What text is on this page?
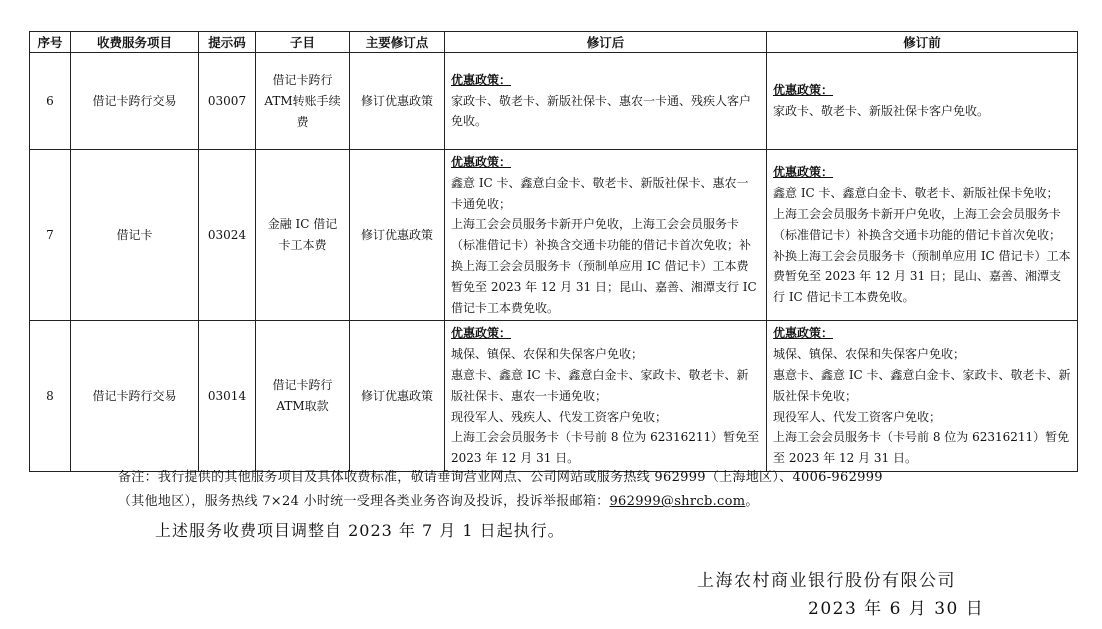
序号	收费服务项目	提示码	子目	主要修订点	修订后	修订前
6	借记卡跨行交易	03007	借记卡跨行ATM转账手续费	修订优惠政策	优惠政策：
家政卡、敬老卡、新版社保卡、惠农一卡通、残疾人客户免收。	优惠政策：
家政卡、敬老卡、新版社保卡客户免收。

7	借记卡	03024	金融 IC 借记卡工本费	修订优惠政策	优惠政策：
鑫意 IC 卡、鑫意白金卡、敬老卡、新版社保卡、惠农一卡通免收；
上海工会会员服务卡新开户免收，上海工会会员服务卡（标准借记卡）补换含交通卡功能的借记卡首次免收；补换上海工会会员服务卡（预制单应用 IC 借记卡）工本费暂免至 2023 年 12 月 31 日；昆山、嘉善、湘潭支行 IC 借记卡工本费免收。	优惠政策：
鑫意 IC 卡、鑫意白金卡、敬老卡、新版社保卡免收；
上海工会会员服务卡新开户免收，上海工会会员服务卡（标准借记卡）补换含交通卡功能的借记卡首次免收；
补换上海工会会员服务卡（预制单应用 IC 借记卡）工本费暂免至 2023 年 12 月 31 日；昆山、嘉善、湘潭支行 IC 借记卡工本费免收。

8	借记卡跨行交易	03014	借记卡跨行ATM取款	修订优惠政策	优惠政策：
城保、镇保、农保和失保客户免收；
惠意卡、鑫意 IC 卡、鑫意白金卡、家政卡、敬老卡、新版社保卡、惠农一卡通免收；
现役军人、残疾人、代发工资客户免收；
上海工会会员服务卡（卡号前 8 位为 62316211）暂免至 2023 年 12 月 31 日。	优惠政策：
城保、镇保、农保和失保客户免收；
惠意卡、鑫意 IC 卡、鑫意白金卡、家政卡、敬老卡、新版社保卡免收；
现役军人、代发工资客户免收；
上海工会会员服务卡（卡号前 8 位为 62316211）暂免至 2023 年 12 月 31 日。
备注：我行提供的其他服务项目及具体收费标准，敬请垂询营业网点、公司网站或服务热线 962999（上海地区）、4006-962999
（其他地区），服务热线 7×24 小时统一受理各类业务咨询及投诉，投诉举报邮箱：962999@shrcb.com。
上述服务收费项目调整自 2023 年 7 月 1 日起执行。
上海农村商业银行股份有限公司
2023 年 6 月 30 日
